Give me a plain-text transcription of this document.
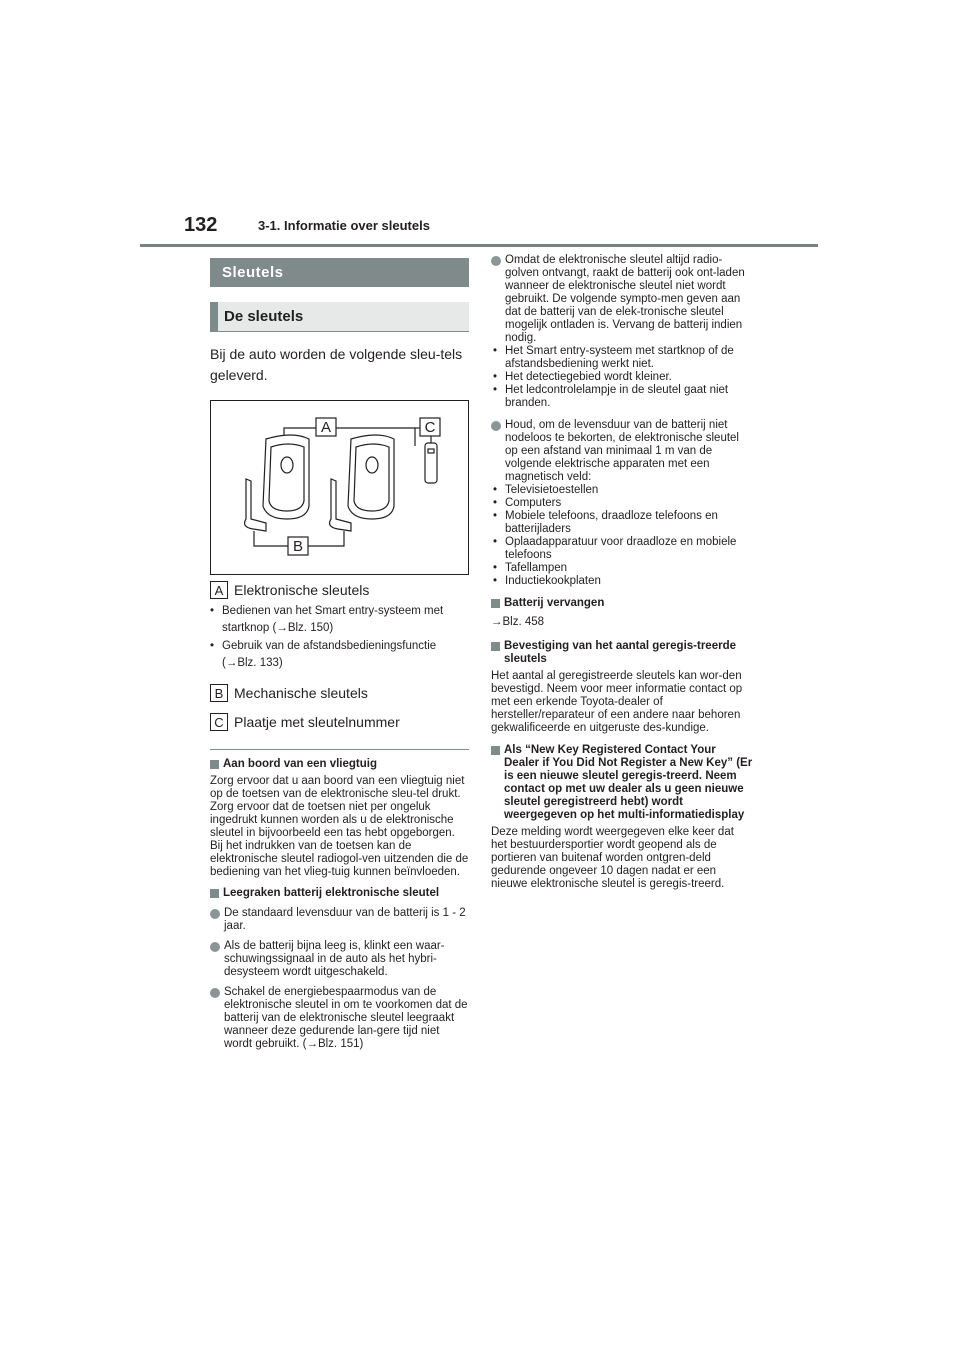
132	3-1. Informatie over sleutels
Sleutels
De sleutels
Bij de auto worden de volgende sleu-tels geleverd.
A	C
B
A Elektronische sleutels
• Bedienen van het Smart entry-systeem met startknop (→Blz. 150)
• Gebruik van de afstandsbedieningsfunctie (→Blz. 133)
B Mechanische sleutels
C Plaatje met sleutelnummer
Aan boord van een vliegtuig
Zorg ervoor dat u aan boord van een vliegtuig niet op de toetsen van de elektronische sleu-tel drukt. Zorg ervoor dat de toetsen niet per ongeluk ingedrukt kunnen worden als u de elektronische sleutel in bijvoorbeeld een tas hebt opgeborgen. Bij het indrukken van de toetsen kan de elektronische sleutel radiogol-ven uitzenden die de bediening van het vlieg-tuig kunnen beïnvloeden.
Leegraken batterij elektronische sleutel
De standaard levensduur van de batterij is 1 - 2 jaar.
Als de batterij bijna leeg is, klinkt een waar-schuwingssignaal in de auto als het hybri-desysteem wordt uitgeschakeld.
Schakel de energiebespaarmodus van de elektronische sleutel in om te voorkomen dat de batterij van de elektronische sleutel leegraakt wanneer deze gedurende lan-gere tijd niet wordt gebruikt. (→Blz. 151)
Omdat de elektronische sleutel altijd radio-golven ontvangt, raakt de batterij ook ont-laden wanneer de elektronische sleutel niet wordt gebruikt. De volgende sympto-men geven aan dat de batterij van de elek-tronische sleutel mogelijk ontladen is. Vervang de batterij indien nodig.
• Het Smart entry-systeem met startknop of de afstandsbediening werkt niet.
• Het detectiegebied wordt kleiner.
• Het ledcontrolelampje in de sleutel gaat niet branden.
Houd, om de levensduur van de batterij niet nodeloos te bekorten, de elektronische sleutel op een afstand van minimaal 1 m van de volgende elektrische apparaten met een magnetisch veld:
• Televisietoestellen
• Computers
• Mobiele telefoons, draadloze telefoons en batterijladers
• Oplaadapparatuur voor draadloze en mobiele telefoons
• Tafellampen
• Inductiekookplaten
Batterij vervangen
→Blz. 458
Bevestiging van het aantal geregis-treerde sleutels
Het aantal al geregistreerde sleutels kan wor-den bevestigd. Neem voor meer informatie contact op met een erkende Toyota-dealer of hersteller/reparateur of een andere naar behoren gekwalificeerde en uitgeruste des-kundige.
Als “New Key Registered Contact Your Dealer if You Did Not Register a New Key” (Er is een nieuwe sleutel geregis-treerd. Neem contact op met uw dealer als u geen nieuwe sleutel geregistreerd hebt) wordt weergegeven op het multi-informatiedisplay
Deze melding wordt weergegeven elke keer dat het bestuurdersportier wordt geopend als de portieren van buitenaf worden ontgren-deld gedurende ongeveer 10 dagen nadat er een nieuwe elektronische sleutel is geregis-treerd.
